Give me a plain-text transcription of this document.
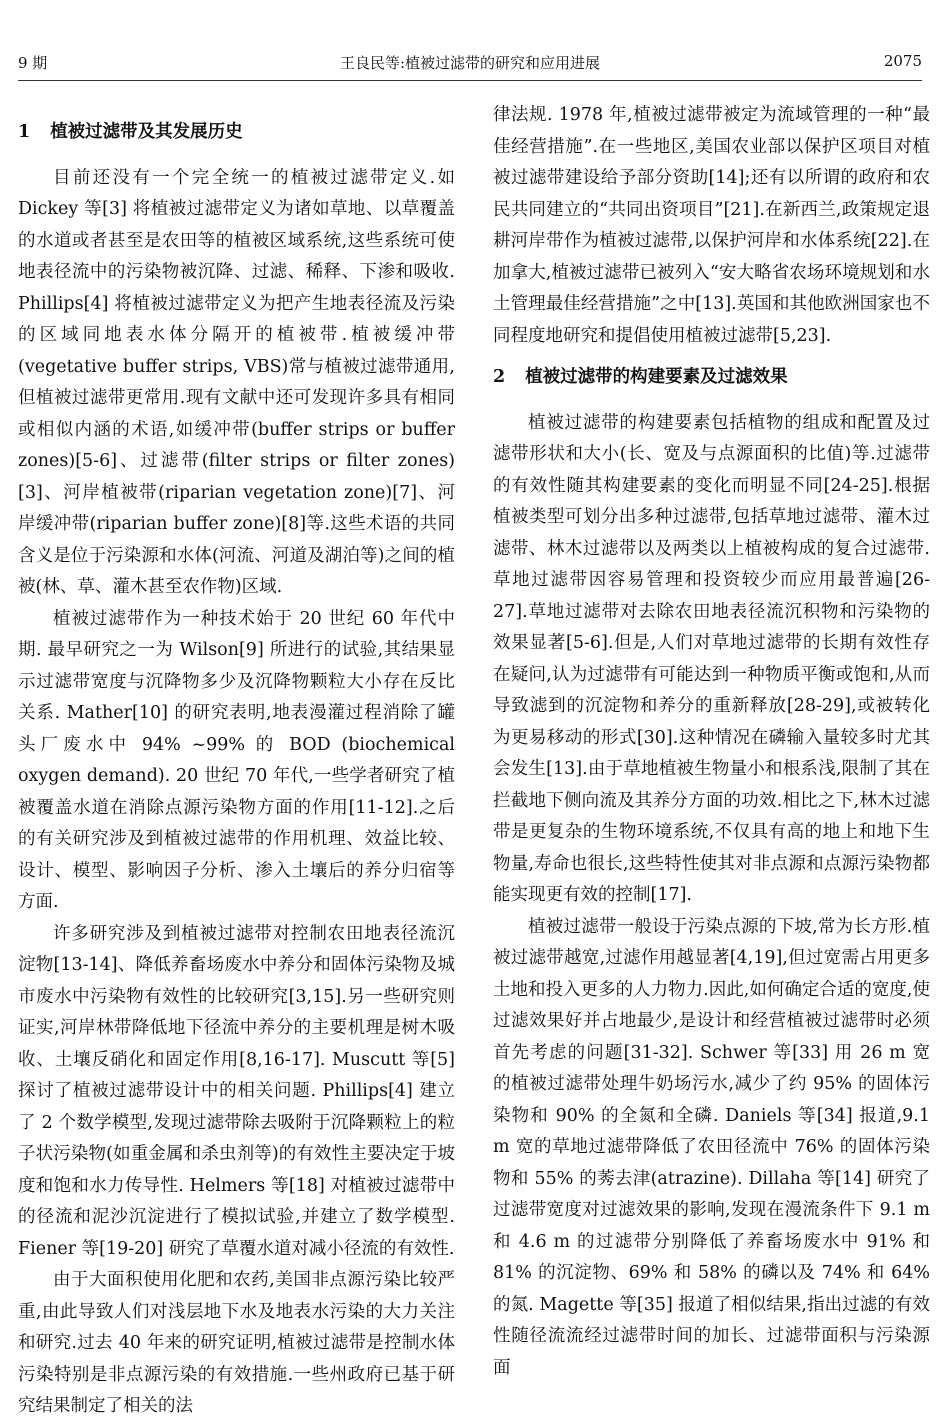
9 期	王良民等:植被过滤带的研究和应用进展	2075
1 植被过滤带及其发展历史

目前还没有一个完全统一的植被过滤带定义.如 Dickey 等[3] 将植被过滤带定义为诸如草地、以草覆盖的水道或者甚至是农田等的植被区域系统,这些系统可使地表径流中的污染物被沉降、过滤、稀释、下渗和吸收. Phillips[4] 将植被过滤带定义为把产生地表径流及污染的区域同地表水体分隔开的植被带.植被缓冲带(vegetative buffer strips, VBS)常与植被过滤带通用,但植被过滤带更常用.现有文献中还可发现许多具有相同或相似内涵的术语,如缓冲带(buffer strips or buffer zones)[5-6]、过滤带(filter strips or filter zones)[3]、河岸植被带(riparian vegetation zone)[7]、河岸缓冲带(riparian buffer zone)[8]等.这些术语的共同含义是位于污染源和水体(河流、河道及湖泊等)之间的植被(林、草、灌木甚至农作物)区域.

植被过滤带作为一种技术始于 20 世纪 60 年代中期. 最早研究之一为 Wilson[9] 所进行的试验,其结果显示过滤带宽度与沉降物多少及沉降物颗粒大小存在反比关系. Mather[10] 的研究表明,地表漫灌过程消除了罐头厂废水中 94% ~99% 的 BOD (biochemical oxygen demand). 20 世纪 70 年代,一些学者研究了植被覆盖水道在消除点源污染物方面的作用[11-12].之后的有关研究涉及到植被过滤带的作用机理、效益比较、设计、模型、影响因子分析、渗入土壤后的养分归宿等方面.

许多研究涉及到植被过滤带对控制农田地表径流沉淀物[13-14]、降低养畜场废水中养分和固体污染物及城市废水中污染物有效性的比较研究[3,15].另一些研究则证实,河岸林带降低地下径流中养分的主要机理是树木吸收、土壤反硝化和固定作用[8,16-17]. Muscutt 等[5] 探讨了植被过滤带设计中的相关问题. Phillips[4] 建立了 2 个数学模型,发现过滤带除去吸附于沉降颗粒上的粒子状污染物(如重金属和杀虫剂等)的有效性主要决定于坡度和饱和水力传导性. Helmers 等[18] 对植被过滤带中的径流和泥沙沉淀进行了模拟试验,并建立了数学模型. Fiener 等[19-20] 研究了草覆水道对减小径流的有效性.

由于大面积使用化肥和农药,美国非点源污染比较严重,由此导致人们对浅层地下水及地表水污染的大力关注和研究.过去 40 年来的研究证明,植被过滤带是控制水体污染特别是非点源污染的有效措施.一些州政府已基于研究结果制定了相关的法

律法规. 1978 年,植被过滤带被定为流域管理的一种“最佳经营措施”.在一些地区,美国农业部以保护区项目对植被过滤带建设给予部分资助[14];还有以所谓的政府和农民共同建立的“共同出资项目”[21].在新西兰,政策规定退耕河岸带作为植被过滤带,以保护河岸和水体系统[22].在加拿大,植被过滤带已被列入“安大略省农场环境规划和水土管理最佳经营措施”之中[13].英国和其他欧洲国家也不同程度地研究和提倡使用植被过滤带[5,23].

2 植被过滤带的构建要素及过滤效果

植被过滤带的构建要素包括植物的组成和配置及过滤带形状和大小(长、宽及与点源面积的比值)等.过滤带的有效性随其构建要素的变化而明显不同[24-25].根据植被类型可划分出多种过滤带,包括草地过滤带、灌木过滤带、林木过滤带以及两类以上植被构成的复合过滤带.草地过滤带因容易管理和投资较少而应用最普遍[26-27].草地过滤带对去除农田地表径流沉积物和污染物的效果显著[5-6].但是,人们对草地过滤带的长期有效性存在疑问,认为过滤带有可能达到一种物质平衡或饱和,从而导致滤到的沉淀物和养分的重新释放[28-29],或被转化为更易移动的形式[30].这种情况在磷输入量较多时尤其会发生[13].由于草地植被生物量小和根系浅,限制了其在拦截地下侧向流及其养分方面的功效.相比之下,林木过滤带是更复杂的生物环境系统,不仅具有高的地上和地下生物量,寿命也很长,这些特性使其对非点源和点源污染物都能实现更有效的控制[17].

植被过滤带一般设于污染点源的下坡,常为长方形.植被过滤带越宽,过滤作用越显著[4,19],但过宽需占用更多土地和投入更多的人力物力.因此,如何确定合适的宽度,使过滤效果好并占地最少,是设计和经营植被过滤带时必须首先考虑的问题[31-32]. Schwer 等[33] 用 26 m 宽的植被过滤带处理牛奶场污水,减少了约 95% 的固体污染物和 90% 的全氮和全磷. Daniels 等[34] 报道,9.1 m 宽的草地过滤带降低了农田径流中 76% 的固体污染物和 55% 的莠去津(atrazine). Dillaha 等[14] 研究了过滤带宽度对过滤效果的影响,发现在漫流条件下 9.1 m 和 4.6 m 的过滤带分别降低了养畜场废水中 91% 和 81% 的沉淀物、69% 和 58% 的磷以及 74% 和 64% 的氮. Magette 等[35] 报道了相似结果,指出过滤的有效性随径流流经过滤带时间的加长、过滤带面积与污染源面
